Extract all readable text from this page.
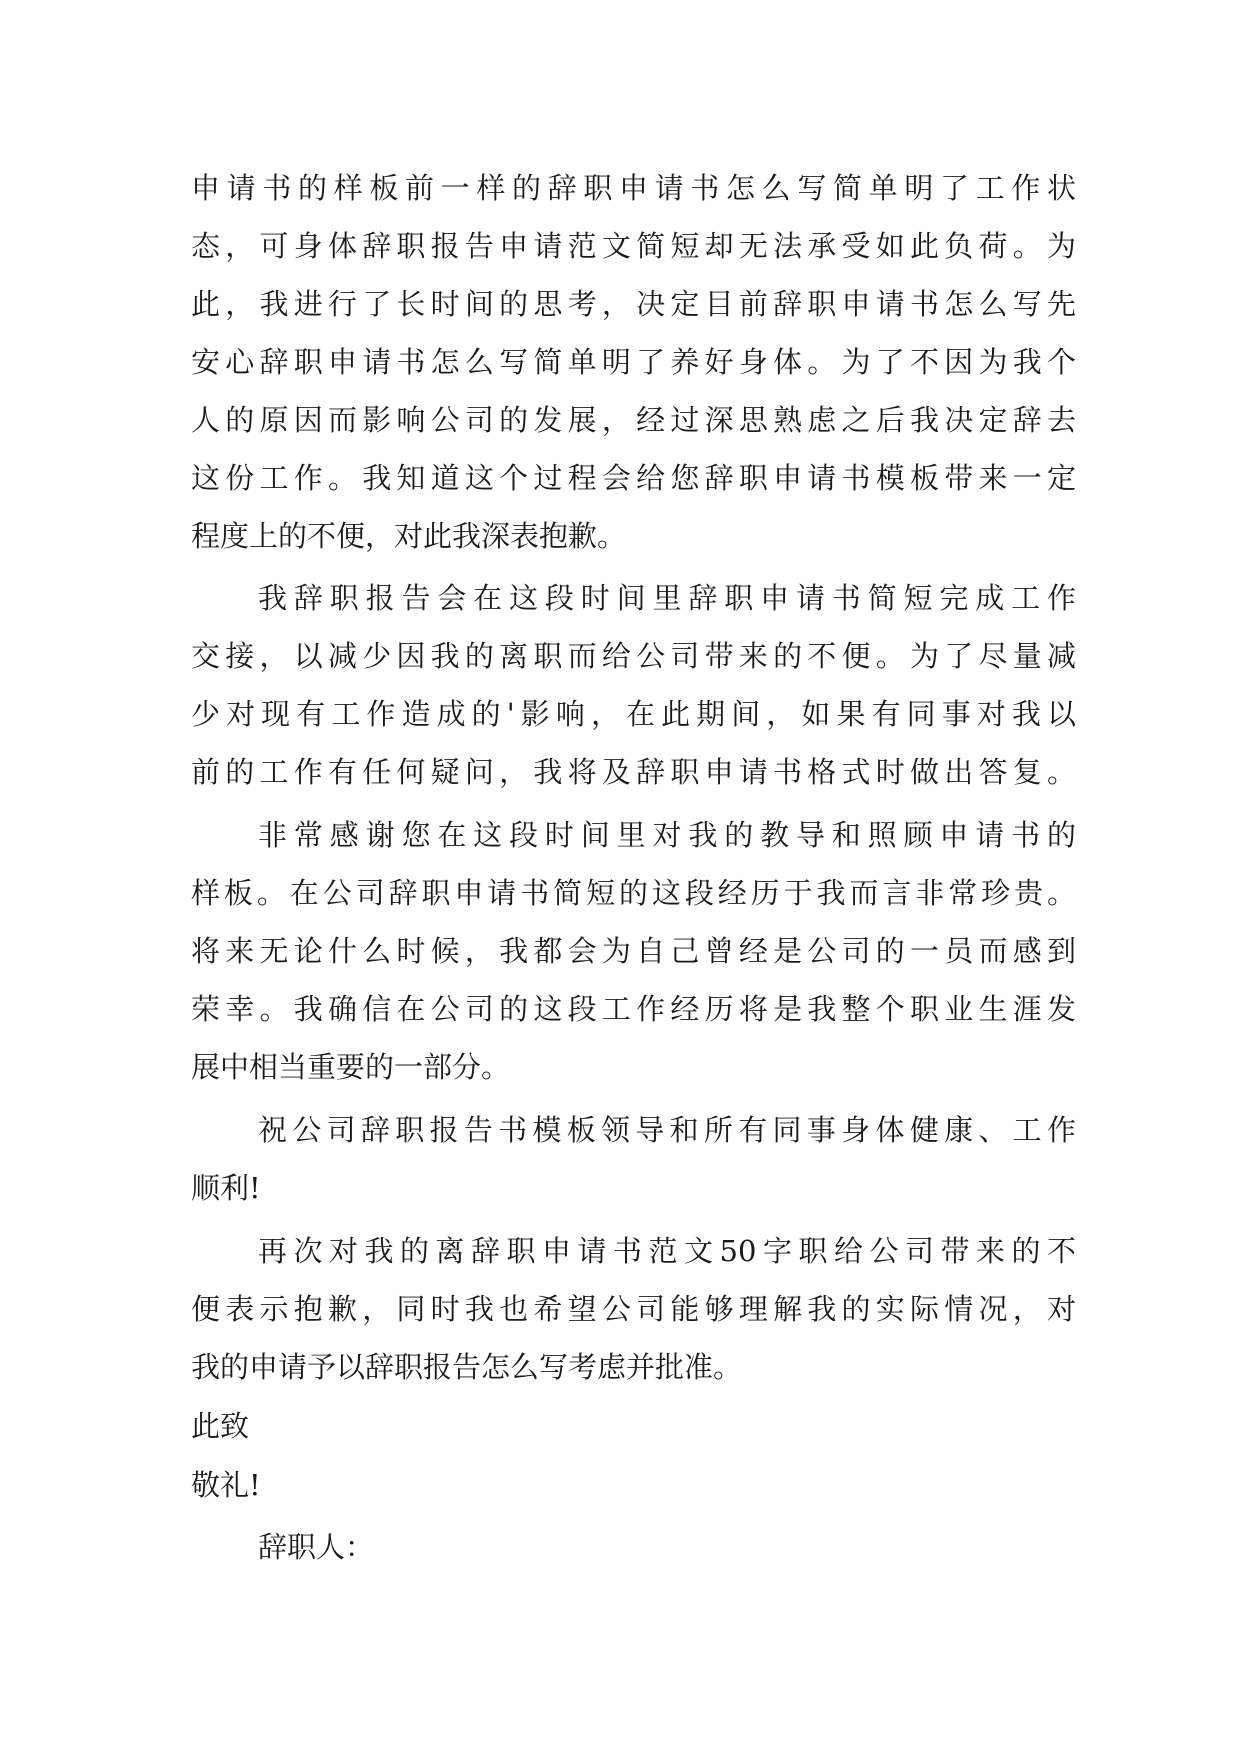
申请书的样板前一样的辞职申请书怎么写简单明了工作状

态，可身体辞职报告申请范文简短却无法承受如此负荷。为

此，我进行了长时间的思考，决定目前辞职申请书怎么写先

安心辞职申请书怎么写简单明了养好身体。为了不因为我个

人的原因而影响公司的发展，经过深思熟虑之后我决定辞去

这份工作。我知道这个过程会给您辞职申请书模板带来一定

程度上的不便，对此我深表抱歉。

我辞职报告会在这段时间里辞职申请书简短完成工作

交接，以减少因我的离职而给公司带来的不便。为了尽量减

少对现有工作造成的'影响，在此期间，如果有同事对我以

前的工作有任何疑问，我将及辞职申请书格式时做出答复。

非常感谢您在这段时间里对我的教导和照顾申请书的

样板。在公司辞职申请书简短的这段经历于我而言非常珍贵。

将来无论什么时候，我都会为自己曾经是公司的一员而感到

荣幸。我确信在公司的这段工作经历将是我整个职业生涯发

展中相当重要的一部分。

祝公司辞职报告书模板领导和所有同事身体健康、工作

顺利!

再次对我的离辞职申请书范文50字职给公司带来的不

便表示抱歉，同时我也希望公司能够理解我的实际情况，对

我的申请予以辞职报告怎么写考虑并批准。

此致

敬礼!

辞职人：
